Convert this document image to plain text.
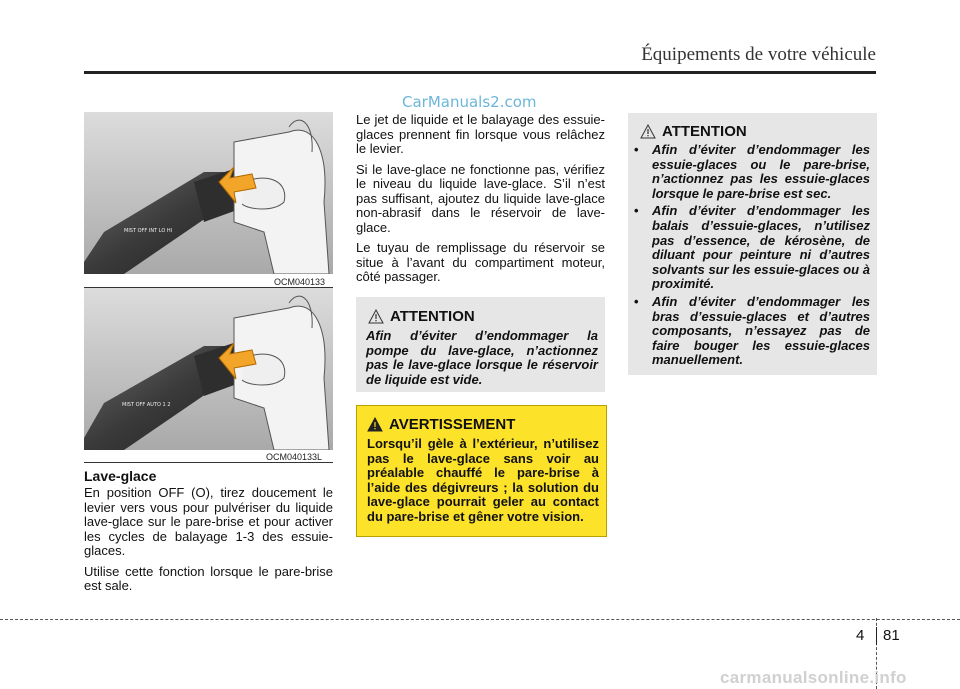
Équipements de votre véhicule
CarManuals2.com
MIST OFF INT LO HI
OCM040133
MIST OFF AUTO 1 2
OCM040133L
Lave-glace

En position OFF (O), tirez doucement le levier vers vous pour pulvériser du liquide lave-glace sur le pare-brise et pour activer les cycles de balayage 1-3 des essuie-glaces.

Utilise cette fonction lorsque le pare-brise est sale.

Le jet de liquide et le balayage des essuie-glaces prennent fin lorsque vous relâchez le levier.

Si le lave-glace ne fonctionne pas, vérifiez le niveau du liquide lave-glace. S’il n’est pas suffisant, ajoutez du liquide lave-glace non-abrasif dans le réservoir de lave-glace.

Le tuyau de remplissage du réservoir se situe à l’avant du compartiment moteur, côté passager.

ATTENTION
Afin d’éviter d’endommager la pompe du lave-glace, n’actionnez pas le lave-glace lorsque le réservoir de liquide est vide.
AVERTISSEMENT
Lorsqu’il gèle à l’extérieur, n’utilisez pas le lave-glace sans voir au préalable chauffé le pare-brise à l’aide des dégivreurs ; la solution du lave-glace pourrait geler au contact du pare-brise et gêner votre vision.
ATTENTION
• Afin d’éviter d’endommager les essuie-glaces ou le pare-brise, n’actionnez pas les essuie-glaces lorsque le pare-brise est sec.
• Afin d’éviter d’endommager les balais d’essuie-glaces, n’utilisez pas d’essence, de kérosène, de diluant pour peinture ni d’autres solvants sur les essuie-glaces ou à proximité.
• Afin d’éviter d’endommager les bras d’essuie-glaces et d’autres composants, n’essayez pas de faire bouger les essuie-glaces manuellement.
4 81
carmanualsonline.info
